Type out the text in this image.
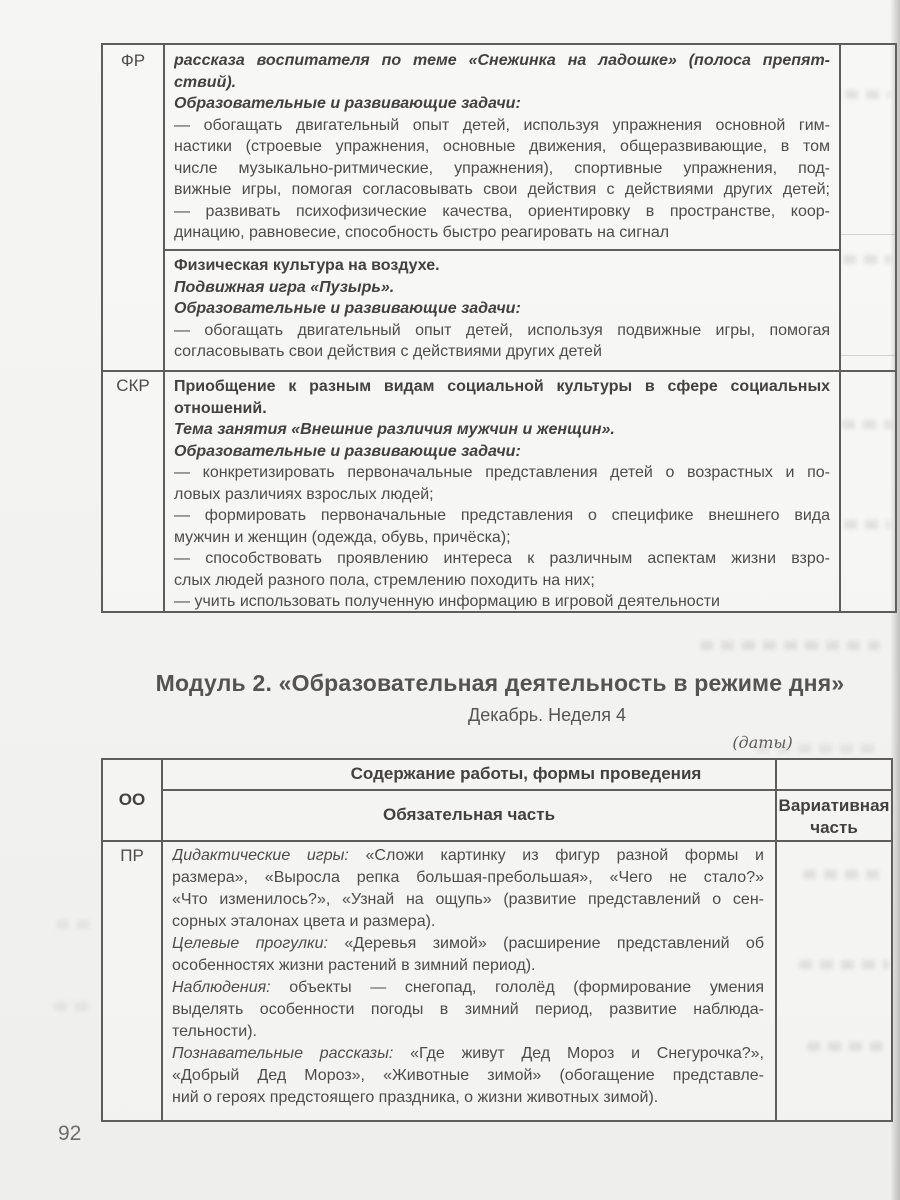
ФР
СКР
рассказа воспитателя по теме «Снежинка на ладошке» (полоса препят-
ствий).
Образовательные и развивающие задачи:
— обогащать двигательный опыт детей, используя упражнения основной гим-
настики (строевые упражнения, основные движения, общеразвивающие, в том
числе музыкально-ритмические, упражнения), спортивные упражнения, под-
вижные игры, помогая согласовывать свои действия с действиями других детей;
— развивать психофизические качества, ориентировку в пространстве, коор-
динацию, равновесие, способность быстро реагировать на сигнал
Физическая культура на воздухе.
Подвижная игра «Пузырь».
Образовательные и развивающие задачи:
— обогащать двигательный опыт детей, используя подвижные игры, помогая
согласовывать свои действия с действиями других детей
Приобщение к разным видам социальной культуры в сфере социальных
отношений.
Тема занятия «Внешние различия мужчин и женщин».
Образовательные и развивающие задачи:
— конкретизировать первоначальные представления детей о возрастных и по-
ловых различиях взрослых людей;
— формировать первоначальные представления о специфике внешнего вида
мужчин и женщин (одежда, обувь, причёска);
— способствовать проявлению интереса к различным аспектам жизни взро-
слых людей разного пола, стремлению походить на них;
— учить использовать полученную информацию в игровой деятельности
Модуль 2. «Образовательная деятельность в режиме дня»
Декабрь. Неделя 4
(даты)
ОО
Содержание работы, формы проведения
Обязательная часть	Вариативная часть
ПР	Дидактические игры: «Сложи картинку из фигур разной формы и
размера», «Выросла репка большая-пребольшая», «Чего не стало?»
«Что изменилось?», «Узнай на ощупь» (развитие представлений о сен-
сорных эталонах цвета и размера).
Целевые прогулки: «Деревья зимой» (расширение представлений об
особенностях жизни растений в зимний период).
Наблюдения: объекты — снегопад, гололёд (формирование умения
выделять особенности погоды в зимний период, развитие наблюда-
тельности).
Познавательные рассказы: «Где живут Дед Мороз и Снегурочка?»,
«Добрый Дед Мороз», «Животные зимой» (обогащение представле-
ний о героях предстоящего праздника, о жизни животных зимой).
92
